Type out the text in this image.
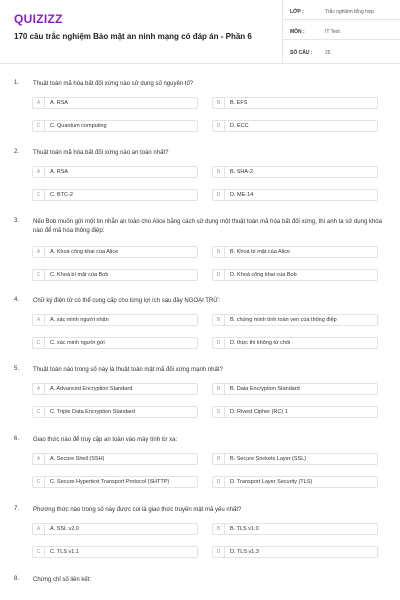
QUIZIZZ
170 câu trắc nghiệm Bảo mật an ninh mạng có đáp án - Phần 6
LỚP :	Trắc nghiệm tổng hợp
MÔN :	IT Test
SỐ CÂU :	25
1. Thuật toán mã hóa bất đối xứng nào sử dụng số nguyên tố?
A	A. RSA	B	B. EFS
C	C. Quantum computing	D	D. ECC
2. Thuật toán mã hóa bất đối xứng nào an toàn nhất?
A	A. RSA	B	B. SHA-2
C	C. BTC-2	D	D. ME-14
3. Nếu Bob muốn gửi một tin nhắn an toàn cho Alice bằng cách sử dụng một thuật toán mã hóa bất đối xứng, thì anh ta sử dụng khóa nào để mã hóa thông điệp:
A	A. Khoá công khai của Alice	B	B. Khoá bí mật của Alice
C	C. Khoá bí mật của Bob	D	D. Khoá công khai của Bob
4. Chữ ký điện tử có thể cung cấp cho từng lợi ích sau đây NGOẠI TRỪ:
A	A. xác minh người nhận	B	B. chứng minh tính toàn vẹn của thông điệp
C	C. xác minh người gửi	D	D. thực thi không từ chối
5. Thuật toán nào trong số này là thuật toán mật mã đối xứng mạnh nhất?
A	A. Advanced Encryption Standard	B	B. Data Encryption Standard
C	C. Triple Data Encryption Standard	D	D. Rivest Cipher (RC) 1
6. Giao thức nào để truy cập an toàn vào máy tính từ xa:
A	A. Secure Shell (SSH)	B	B. Secure Sockets Layer (SSL)
C	C. Secure Hypertext Transport Protocol (SHTTP)	D	D. Transport Layer Security (TLS)
7. Phương thức nào trong số này được coi là giao thức truyền mật mã yếu nhất?
A	A. SSL v2.0	B	B. TLS v1.0
C	C. TLS v1.1	D	D. TLS v1.3
8. Chứng chỉ số liên kết:
